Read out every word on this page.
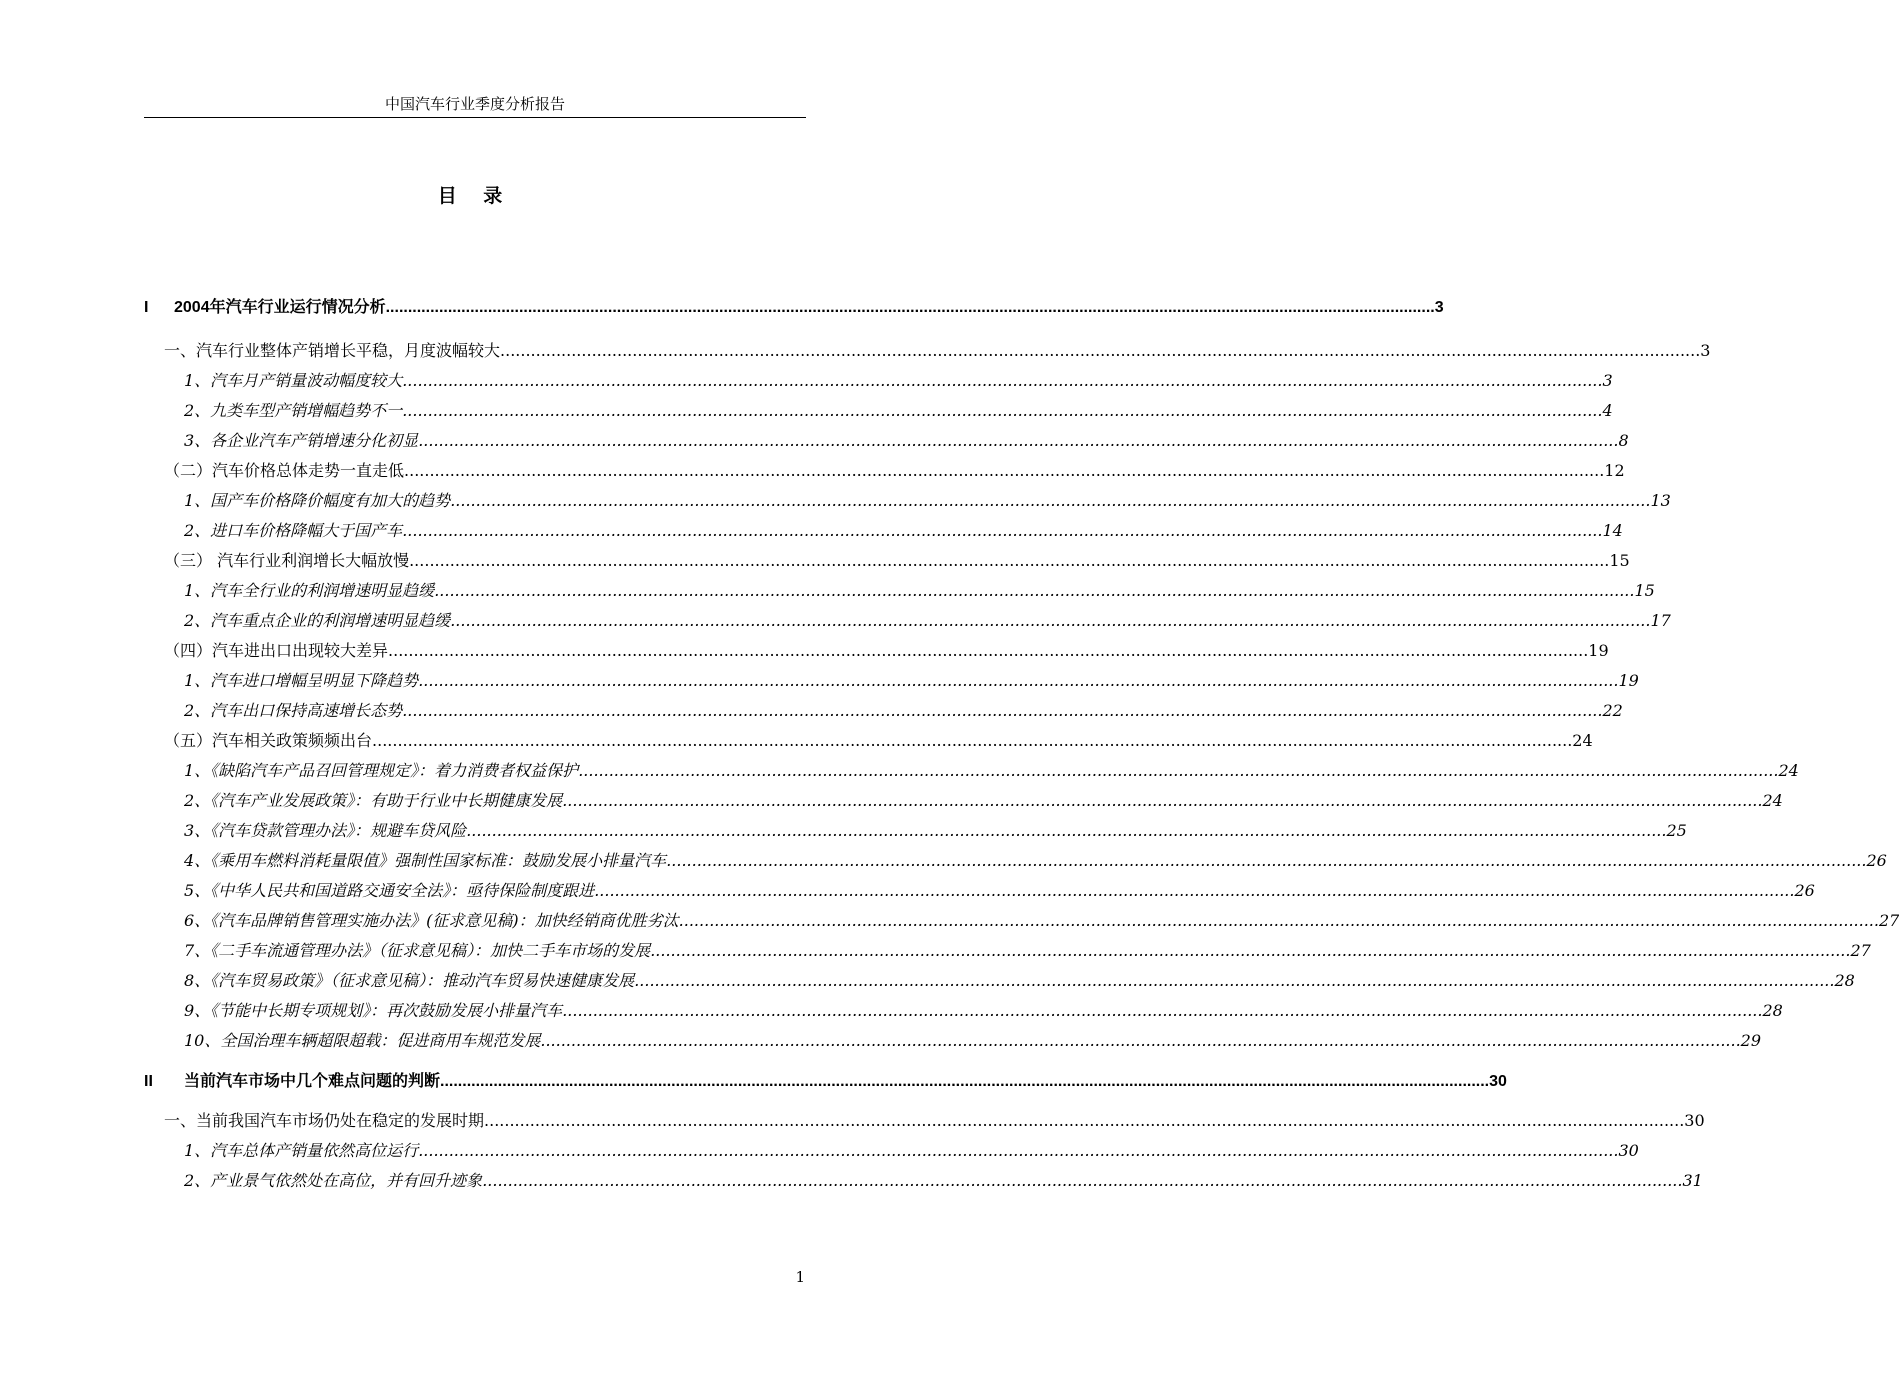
中国汽车行业季度分析报告
目 录
I	2004年汽车行业运行情况分析 .....	3
一、汽车行业整体产销增长平稳，月度波幅较大 .....	3
1、汽车月产销量波动幅度较大 .....	3
2、九类车型产销增幅趋势不一 .....	4
3、各企业汽车产销增速分化初显 .....	8
（二）汽车价格总体走势一直走低 .....	12
1、国产车价格降价幅度有加大的趋势 .....	13
2、进口车价格降幅大于国产车 .....	14
（三） 汽车行业利润增长大幅放慢 .....	15
1、汽车全行业的利润增速明显趋缓 .....	15
2、汽车重点企业的利润增速明显趋缓 .....	17
（四）汽车进出口出现较大差异 .....	19
1、汽车进口增幅呈明显下降趋势 .....	19
2、汽车出口保持高速增长态势 .....	22
（五）汽车相关政策频频出台 .....	24
1、《缺陷汽车产品召回管理规定》：着力消费者权益保护 .....	24
2、《汽车产业发展政策》：有助于行业中长期健康发展 .....	24
3、《汽车贷款管理办法》：规避车贷风险 .....	25
4、《乘用车燃料消耗量限值》强制性国家标准：鼓励发展小排量汽车 .....	26
5、《中华人民共和国道路交通安全法》：亟待保险制度跟进 .....	26
6、《汽车品牌销售管理实施办法》(征求意见稿)：加快经销商优胜劣汰 .....	27
7、《二手车流通管理办法》（征求意见稿）：加快二手车市场的发展 .....	27
8、《汽车贸易政策》（征求意见稿）：推动汽车贸易快速健康发展 .....	28
9、《节能中长期专项规划》：再次鼓励发展小排量汽车 .....	28
10、全国治理车辆超限超载：促进商用车规范发展 .....	29
II	当前汽车市场中几个难点问题的判断 .....	30
一、当前我国汽车市场仍处在稳定的发展时期 .....	30
1、汽车总体产销量依然高位运行 .....	30
2、产业景气依然处在高位，并有回升迹象 .....	31
1
